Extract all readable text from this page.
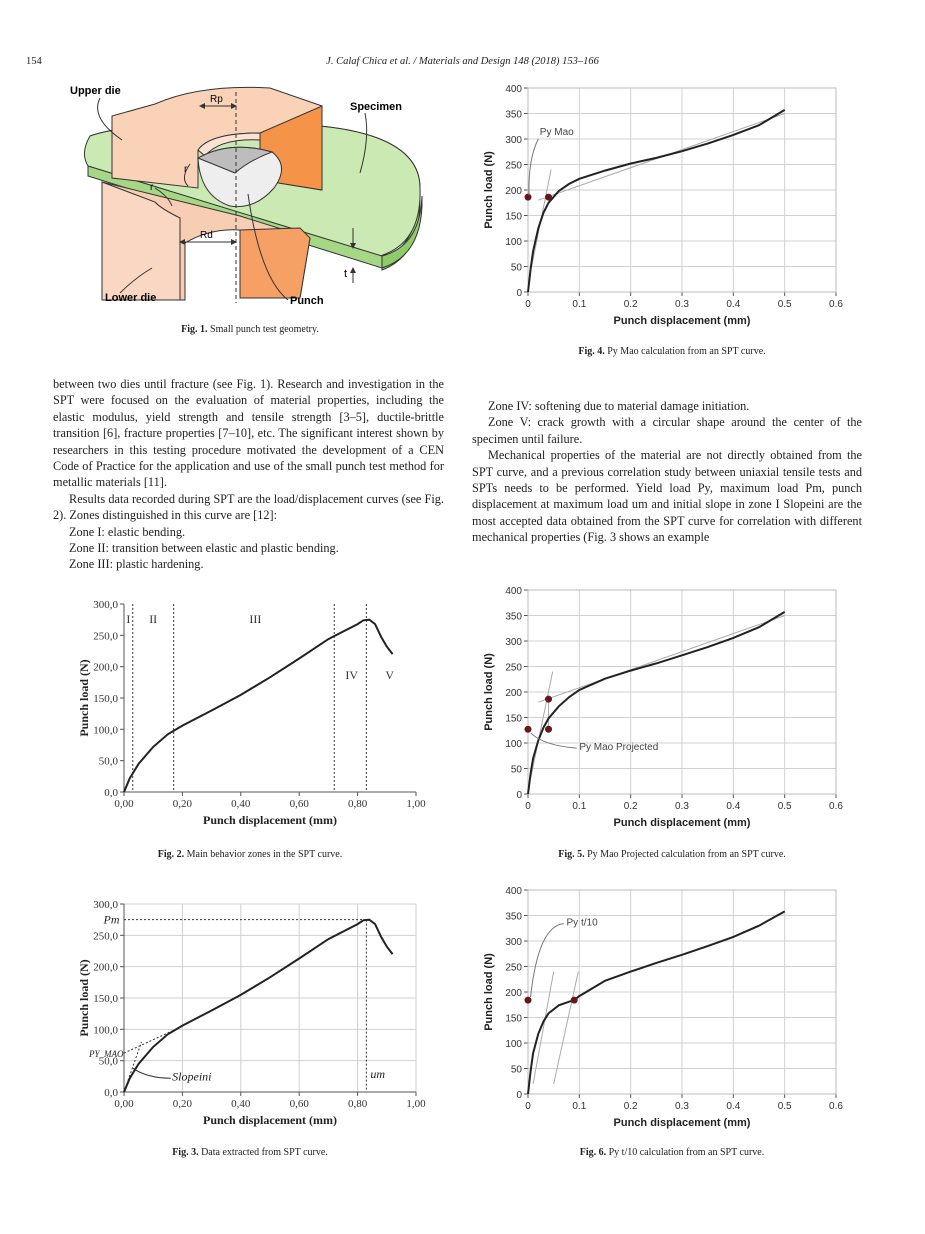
J. Calaf Chica et al. / Materials and Design 148 (2018) 153–166
154
Upper die
Specimen
Rp
Rd
r
r
Lower die	Punch
t
Fig. 1. Small punch test geometry.
0	0.1	0.2	0.3	0.4	0.5	0.6
0
50
100
150
200
250
300
350
400
Punch displacement (mm)
Punch load (N)
Py Mao
Fig. 4. Py Mao calculation from an SPT curve.
0	0.1	0.2	0.3	0.4	0.5	0.6
0
50
100
150
200
250
300
350
400
Punch displacement (mm)
Punch load (N)
Py Mao Projected
Fig. 5. Py Mao Projected calculation from an SPT curve.
0	0.1	0.2	0.3	0.4	0.5	0.6
0
50
100
150
200
250
300
350
400
Punch displacement (mm)
Punch load (N)
Py t/10
Fig. 6. Py t/10 calculation from an SPT curve.
0,00	0,20	0,40	0,60	0,80	1,00
0,0
50,0
100,0
150,0
200,0
250,0
300,0
Punch displacement (mm)
Punch load (N)
I II	III
IV V
Fig. 2. Main behavior zones in the SPT curve.
0,00	0,20	0,40	0,60	0,80	1,00
0,0
50,0
100,0
150,0
200,0
250,0
300,0
Punch displacement (mm)
Punch load (N)
Pm
PY_MAO
Slopeini	um
Fig. 3. Data extracted from SPT curve.

between two dies until fracture (see Fig. 1). Research and investigation in the SPT were focused on the evaluation of material properties, including the elastic modulus, yield strength and tensile strength [3–5], ductile-brittle transition [6], fracture properties [7–10], etc. The significant interest shown by researchers in this testing procedure motivated the development of a CEN Code of Practice for the application and use of the small punch test method for metallic materials [11].

Results data recorded during SPT are the load/displacement curves (see Fig. 2). Zones distinguished in this curve are [12]:

Zone I: elastic bending.

Zone II: transition between elastic and plastic bending.

Zone III: plastic hardening.

Zone IV: softening due to material damage initiation.

Zone V: crack growth with a circular shape around the center of the specimen until failure.

Mechanical properties of the material are not directly obtained from the SPT curve, and a previous correlation study between uniaxial tensile tests and SPTs needs to be performed. Yield load Py, maximum load Pm, punch displacement at maximum load um and initial slope in zone I Slopeini are the most accepted data obtained from the SPT curve for correlation with different mechanical properties (Fig. 3 shows an example
